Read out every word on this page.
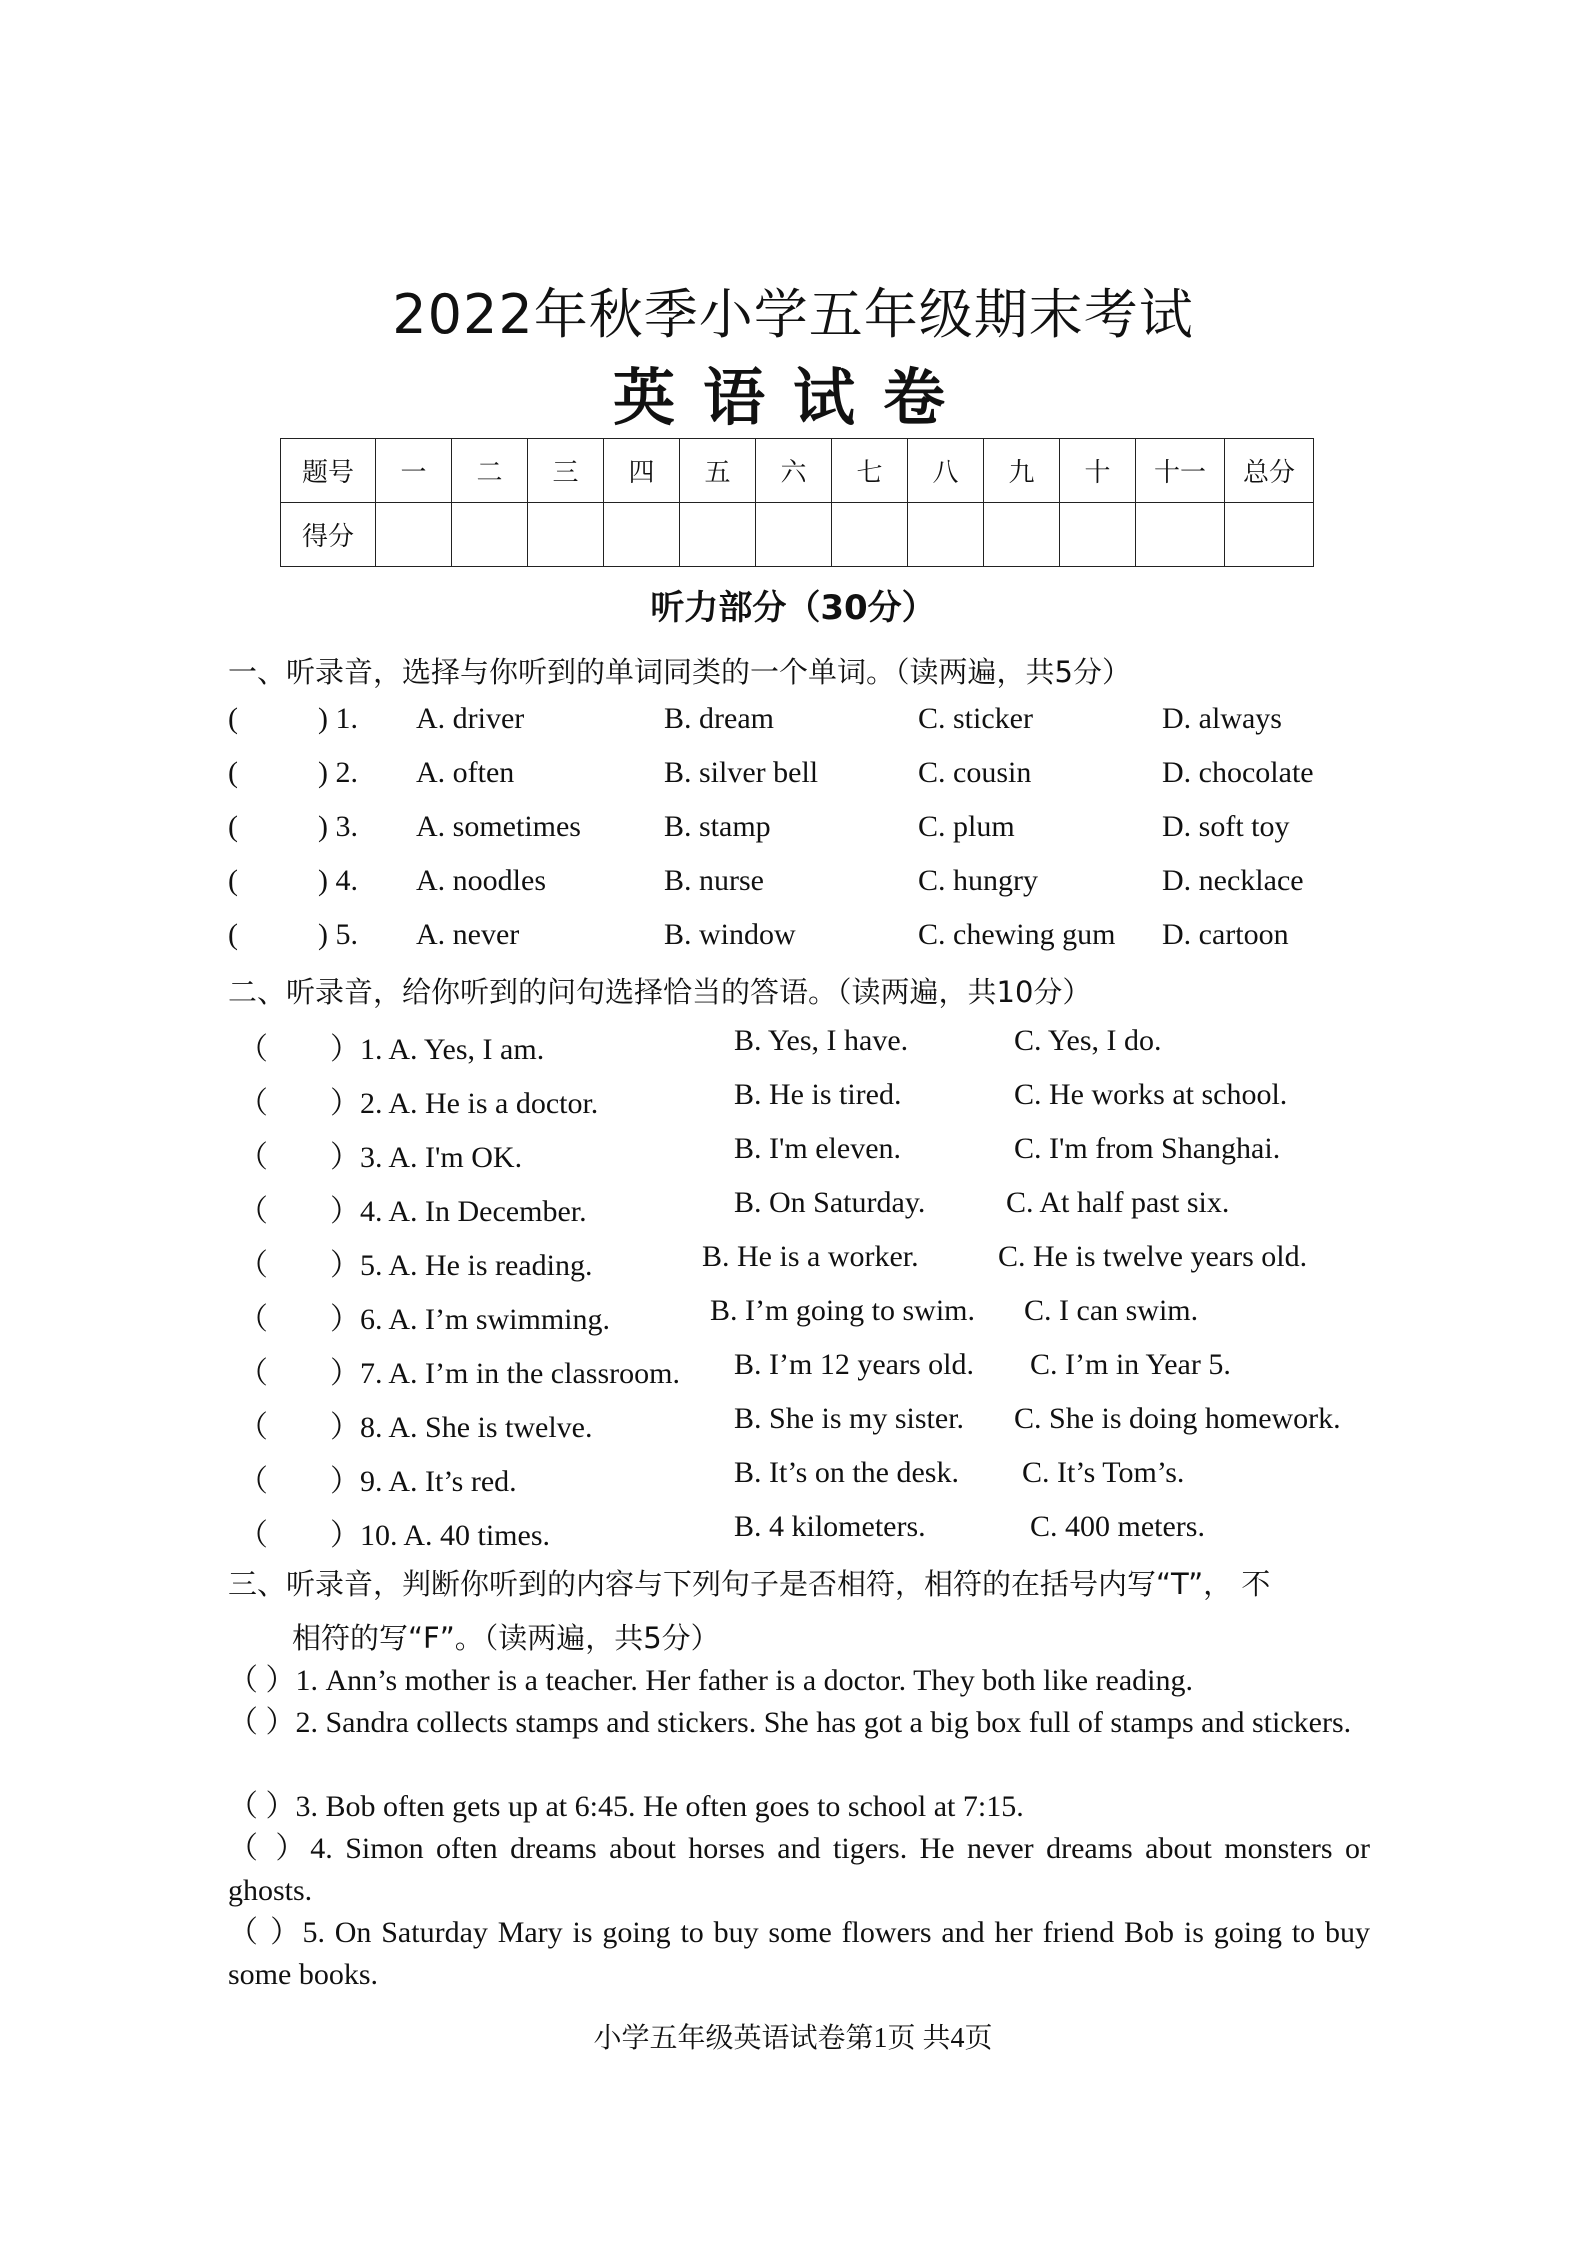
2022年秋季小学五年级期末考试
英语试卷
题号	一	二	三	四	五	六	七	八	九	十	十一	总分
得分												
听力部分（30分）
一、听录音，选择与你听到的单词同类的一个单词。（读两遍，共5分）
(	) 1. A. driver	B. dream	C. sticker	D. always
(	) 2. A. often	B. silver bell	C. cousin	D. chocolate
(	) 3. A. sometimes	B. stamp	C. plum	D. soft toy
(	) 4. A. noodles	B. nurse	C. hungry	D. necklace
(	) 5. A. never	B. window	C. chewing gum D. cartoon
二、听录音，给你听到的问句选择恰当的答语。（读两遍，共10分）
（ ）1. A. Yes, I am.	B. Yes, I have.	C. Yes, I do.
（ ）2. A. He is a doctor.	B. He is tired.	C. He works at school.
（ ）3. A. I'm OK.	B. I'm eleven.	C. I'm from Shanghai.
（ ）4. A. In December.	B. On Saturday.	C. At half past six.
（ ）5. A. He is reading.	B. He is a worker.	C. He is twelve years old.
（ ）6. A. I’m swimming.	B. I’m going to swim. C. I can swim.
（ ）7. A. I’m in the classroom. B. I’m 12 years old. C. I’m in Year 5.
（ ）8. A. She is twelve.	B. She is my sister. C. She is doing homework.
（ ）9. A. It’s red.	B. It’s on the desk. C. It’s Tom’s.
（ ）10. A. 40 times.	B. 4 kilometers.	C. 400 meters.
三、听录音，判断你听到的内容与下列句子是否相符，相符的在括号内写“T”， 不
相符的写“F”。（读两遍，共5分）
（ ）1. Ann’s mother is a teacher. Her father is a doctor. They both like reading.
（ ）2. Sandra collects stamps and stickers. She has got a big box full of stamps and stickers.
（ ）3. Bob often gets up at 6:45. He often goes to school at 7:15.
（ ）4. Simon often dreams about horses and tigers. He never dreams about monsters or ghosts.
（ ）5. On Saturday Mary is going to buy some flowers and her friend Bob is going to buy some books.
小学五年级英语试卷第1页 共4页
